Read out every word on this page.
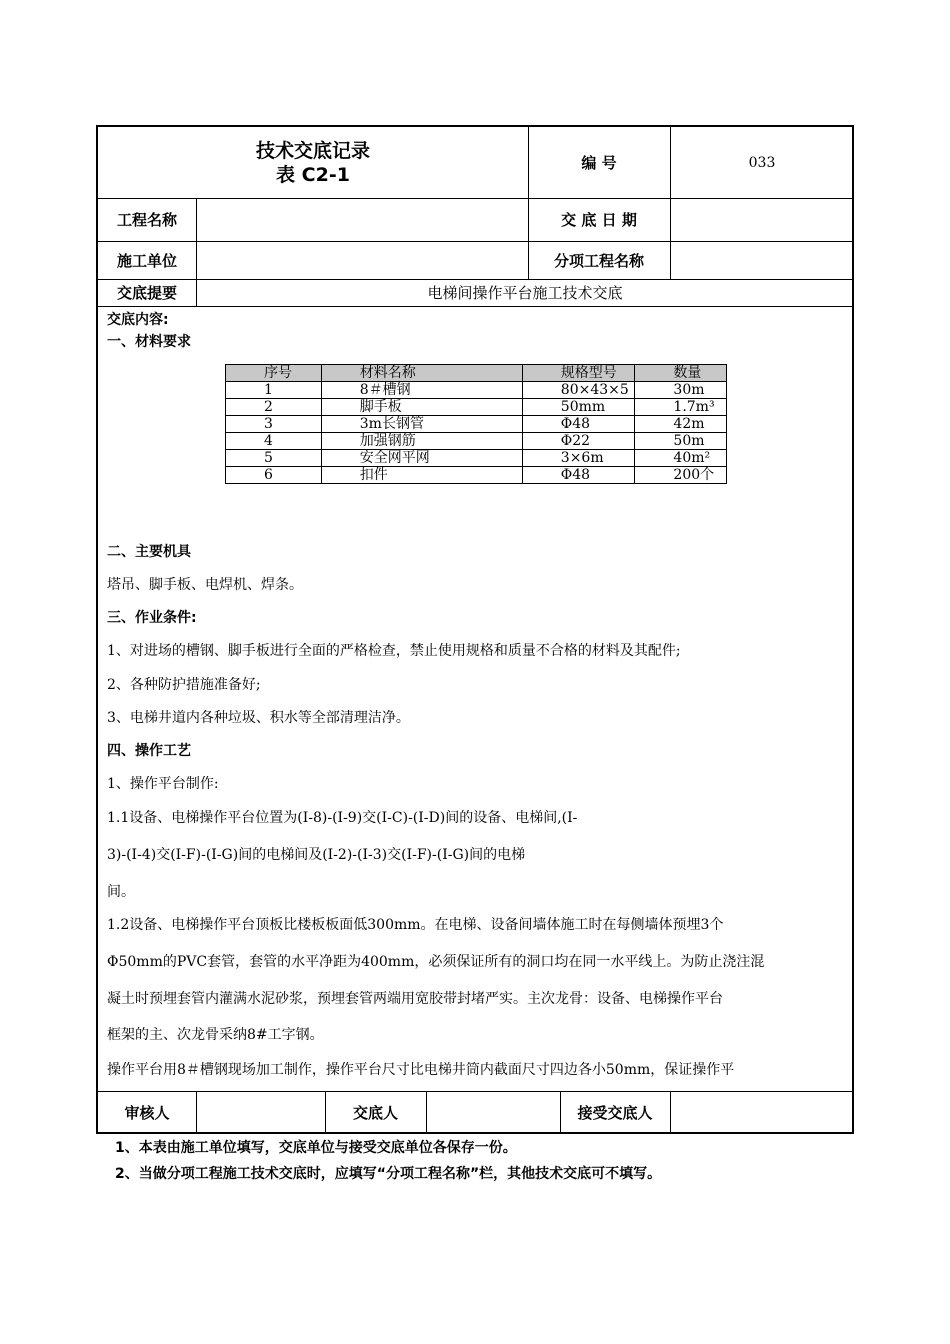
技术交底记录
表 C2-1
编 号	033
工程名称	交 底 日 期
施工单位	分项工程名称
交底提要	电梯间操作平台施工技术交底
交底内容:
一、材料要求
序号	材料名称	规格型号	数量
1	8＃槽钢	80×43×5	30m
2	脚手板	50mm	1.7m³
3	3m长钢管	Φ48	42m
4	加强钢筋	Φ22	50m
5	安全网平网	3×6m	40m²
6	扣件	Φ48	200个
二、主要机具
塔吊、脚手板、电焊机、焊条。
三、作业条件:
1、对进场的槽钢、脚手板进行全面的严格检查，禁止使用规格和质量不合格的材料及其配件;
2、各种防护措施准备好;
3、电梯井道内各种垃圾、积水等全部清理洁净。
四、操作工艺
1、操作平台制作:
1.1设备、电梯操作平台位置为(Ⅰ-8)-(Ⅰ-9)交(Ⅰ-C)-(Ⅰ-D)间的设备、电梯间,(Ⅰ-
3)-(Ⅰ-4)交(Ⅰ-F)-(Ⅰ-G)间的电梯间及(Ⅰ-2)-(Ⅰ-3)交(Ⅰ-F)-(Ⅰ-G)间的电梯
间。
1.2设备、电梯操作平台顶板比楼板板面低300mm。在电梯、设备间墙体施工时在每侧墙体预埋3个
Φ50mm的PVC套管，套管的水平净距为400mm，必须保证所有的洞口均在同一水平线上。为防止浇注混
凝土时预埋套管内灌满水泥砂浆，预埋套管两端用宽胶带封堵严实。主次龙骨：设备、电梯操作平台
框架的主、次龙骨采纳8#工字钢。
操作平台用8＃槽钢现场加工制作，操作平台尺寸比电梯井筒内截面尺寸四边各小50mm，保证操作平
审核人	交底人	接受交底人
1、本表由施工单位填写，交底单位与接受交底单位各保存一份。
2、当做分项工程施工技术交底时，应填写“分项工程名称”栏，其他技术交底可不填写。
